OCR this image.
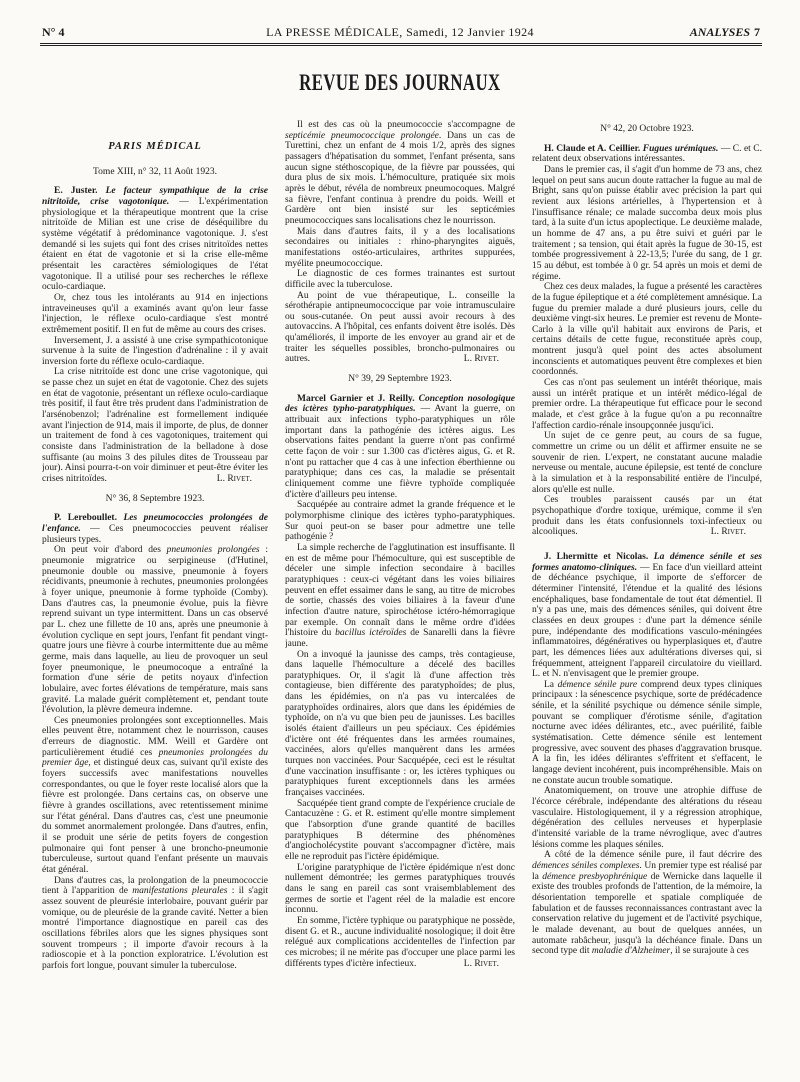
N° 4	LA PRESSE MÉDICALE, Samedi, 12 Janvier 1924	ANALYSES 7
REVUE DES JOURNAUX

PARIS MÉDICAL

Tome XIII, n° 32, 11 Août 1923.

E. Juster. Le facteur sympathique de la crise nitritoïde, crise vagotonique. — L'expérimentation physiologique et la thérapeutique montrent que la crise nitritoïde de Milian est une crise de déséquilibre du système végétatif à prédominance vagotonique. J. s'est demandé si les sujets qui font des crises nitritoïdes nettes étaient en état de vagotonie et si la crise elle-même présentait les caractères sémiologiques de l'état vagotonique. Il a utilisé pour ses recherches le réflexe oculo-cardiaque.

Or, chez tous les intolérants au 914 en injections intraveineuses qu'il a examinés avant qu'on leur fasse l'injection, le réflexe oculo-cardiaque s'est montré extrêmement positif. Il en fut de même au cours des crises.

Inversement, J. a assisté à une crise sympathicotonique survenue à la suite de l'ingestion d'adrénaline : il y avait inversion forte du réflexe oculo-cardiaque.

La crise nitritoïde est donc une crise vagotonique, qui se passe chez un sujet en état de vagotonie. Chez des sujets en état de vagotonie, présentant un réflexe oculo-cardiaque très positif, il faut être très prudent dans l'administration de l'arsénobenzol; l'adrénaline est formellement indiquée avant l'injection de 914, mais il importe, de plus, de donner un traitement de fond à ces vagotoniques, traitement qui consiste dans l'administration de la belladone à dose suffisante (au moins 3 des pilules dites de Trousseau par jour). Ainsi pourra-t-on voir diminuer et peut-être éviter les crises nitritoïdes.	L. Rivet.

N° 36, 8 Septembre 1923.

P. Lereboullet. Les pneumococcies prolongées de l'enfance. — Ces pneumococcies peuvent réaliser plusieurs types.

On peut voir d'abord des pneumonies prolongées : pneumonie migratrice ou serpigineuse (d'Hutinel, pneumonie double ou massive, pneumonie à foyers récidivants, pneumonie à rechutes, pneumonies prolongées à foyer unique, pneumonie à forme typhoïde (Comby). Dans d'autres cas, la pneumonie évolue, puis la fièvre reprend suivant un type intermittent. Dans un cas observé par L. chez une fillette de 10 ans, après une pneumonie à évolution cyclique en sept jours, l'enfant fit pendant vingt-quatre jours une fièvre à courbe intermittente due au même germe, mais dans laquelle, au lieu de provoquer un seul foyer pneumonique, le pneumocoque a entraîné la formation d'une série de petits noyaux d'infection lobulaire, avec fortes élévations de température, mais sans gravité. La malade guérit complètement et, pendant toute l'évolution, la plèvre demeura indemne.

Ces pneumonies prolongées sont exceptionnelles. Mais elles peuvent être, notamment chez le nourrisson, causes d'erreurs de diagnostic. MM. Weill et Gardère ont particulièrement étudié ces pneumonies prolongées du premier âge, et distingué deux cas, suivant qu'il existe des foyers successifs avec manifestations nouvelles correspondantes, ou que le foyer reste localisé alors que la fièvre est prolongée. Dans certains cas, on observe une fièvre à grandes oscillations, avec retentissement minime sur l'état général. Dans d'autres cas, c'est une pneumonie du sommet anormalement prolongée. Dans d'autres, enfin, il se produit une série de petits foyers de congestion pulmonaire qui font penser à une broncho-pneumonie tuberculeuse, surtout quand l'enfant présente un mauvais état général.

Dans d'autres cas, la prolongation de la pneumococcie tient à l'apparition de manifestations pleurales : il s'agit assez souvent de pleurésie interlobaire, pouvant guérir par vomique, ou de pleurésie de la grande cavité. Netter a bien montré l'importance diagnostique en pareil cas des oscillations fébriles alors que les signes physiques sont souvent trompeurs ; il importe d'avoir recours à la radioscopie et à la ponction exploratrice. L'évolution est parfois fort longue, pouvant simuler la tuberculose.

Il est des cas où la pneumococcie s'accompagne de septicémie pneumococcique prolongée. Dans un cas de Turettini, chez un enfant de 4 mois 1/2, après des signes passagers d'hépatisation du sommet, l'enfant présenta, sans aucun signe stéthoscopique, de la fièvre par poussées, qui dura plus de six mois. L'hémoculture, pratiquée six mois après le début, révéla de nombreux pneumocoques. Malgré sa fièvre, l'enfant continua à prendre du poids. Weill et Gardère ont bien insisté sur les septicémies pneumococciques sans localisations chez le nourrisson.

Mais dans d'autres faits, il y a des localisations secondaires ou initiales : rhino-pharyngites aiguës, manifestations ostéo-articulaires, arthrites suppurées, myélite pneumococcique.

Le diagnostic de ces formes trainantes est surtout difficile avec la tuberculose.

Au point de vue thérapeutique, L. conseille la sérothérapie antipneumococcique par voie intramusculaire ou sous-cutanée. On peut aussi avoir recours à des autovaccins. A l'hôpital, ces enfants doivent être isolés. Dès qu'améliorés, il importe de les envoyer au grand air et de traiter les séquelles possibles, broncho-pulmonaires ou autres.	L. Rivet.

N° 39, 29 Septembre 1923.

Marcel Garnier et J. Reilly. Conception nosologique des ictères typho-paratyphiques. — Avant la guerre, on attribuait aux infections typho-paratyphiques un rôle important dans la pathogénie des ictères aigus. Les observations faites pendant la guerre n'ont pas confirmé cette façon de voir : sur 1.300 cas d'ictères aigus, G. et R. n'ont pu rattacher que 4 cas à une infection éberthienne ou paratyphique; dans ces cas, la maladie se présentait cliniquement comme une fièvre typhoïde compliquée d'ictère d'ailleurs peu intense.

Sacquépée au contraire admet la grande fréquence et le polymorphisme clinique des ictères typho-paratyphiques. Sur quoi peut-on se baser pour admettre une telle pathogénie ?

La simple recherche de l'agglutination est insuffisante. Il en est de même pour l'hémoculture, qui est susceptible de déceler une simple infection secondaire à bacilles paratyphiques : ceux-ci végétant dans les voies biliaires peuvent en effet essaimer dans le sang, au titre de microbes de sortie, chassés des voies biliaires à la faveur d'une infection d'autre nature, spirochétose ictéro-hémorragique par exemple. On connaît dans le même ordre d'idées l'histoire du bacillus ictéroïdes de Sanarelli dans la fièvre jaune.

On a invoqué la jaunisse des camps, très contagieuse, dans laquelle l'hémoculture a décelé des bacilles paratyphiques. Or, il s'agit là d'une affection très contagieuse, bien différente des paratyphoïdes; de plus, dans les épidémies, on n'a pas vu intercalées de paratyphoïdes ordinaires, alors que dans les épidémies de typhoïde, on n'a vu que bien peu de jaunisses. Les bacilles isolés étaient d'ailleurs un peu spéciaux. Ces épidémies d'ictère ont été fréquentes dans les armées roumaines, vaccinées, alors qu'elles manquèrent dans les armées turques non vaccinées. Pour Sacquépée, ceci est le résultat d'une vaccination insuffisante : or, les ictères typhiques ou paratyphiques furent exceptionnels dans les armées françaises vaccinées.

Sacquépée tient grand compte de l'expérience cruciale de Cantacuzène : G. et R. estiment qu'elle montre simplement que l'absorption d'une grande quantité de bacilles paratyphiques B détermine des phénomènes d'angiocholécystite pouvant s'accompagner d'ictère, mais elle ne reproduit pas l'ictère épidémique.

L'origine paratyphique de l'ictère épidémique n'est donc nullement démontrée; les germes paratyphiques trouvés dans le sang en pareil cas sont vraisemblablement des germes de sortie et l'agent réel de la maladie est encore inconnu.

En somme, l'ictère typhique ou paratyphique ne possède, disent G. et R., aucune individualité nosologique; il doit être relégué aux complications accidentelles de l'infection par ces microbes; il ne mérite pas d'occuper une place parmi les différents types d'ictère infectieux.	L. Rivet.

N° 42, 20 Octobre 1923.

H. Claude et A. Ceillier. Fugues urémiques. — C. et C. relatent deux observations intéressantes.

Dans le premier cas, il s'agit d'un homme de 73 ans, chez lequel on peut sans aucun doute rattacher la fugue au mal de Bright, sans qu'on puisse établir avec précision la part qui revient aux lésions artérielles, à l'hypertension et à l'insuffisance rénale; ce malade succomba deux mois plus tard, à la suite d'un ictus apoplectique. Le deuxième malade, un homme de 47 ans, a pu être suivi et guéri par le traitement ; sa tension, qui était après la fugue de 30-15, est tombée progressivement à 22-13,5; l'urée du sang, de 1 gr. 15 au début, est tombée à 0 gr. 54 après un mois et demi de régime.

Chez ces deux malades, la fugue a présenté les caractères de la fugue épileptique et a été complètement amnésique. La fugue du premier malade a duré plusieurs jours, celle du deuxième vingt-six heures. Le premier est revenu de Monte-Carlo à la ville qu'il habitait aux environs de Paris, et certains détails de cette fugue, reconstituée après coup, montrent jusqu'à quel point des actes absolument inconscients et automatiques peuvent être complexes et bien coordonnés.

Ces cas n'ont pas seulement un intérêt théorique, mais aussi un intérêt pratique et un intérêt médico-légal de premier ordre. La thérapeutique fut efficace pour le second malade, et c'est grâce à la fugue qu'on a pu reconnaître l'affection cardio-rénale insoupçonnée jusqu'ici.

Un sujet de ce genre peut, au cours de sa fugue, commettre un crime ou un délit et affirmer ensuite ne se souvenir de rien. L'expert, ne constatant aucune maladie nerveuse ou mentale, aucune épilepsie, est tenté de conclure à la simulation et à la responsabilité entière de l'inculpé, alors qu'elle est nulle.

Ces troubles paraissent causés par un état psychopathique d'ordre toxique, urémique, comme il s'en produit dans les états confusionnels toxi-infectieux ou alcooliques.	L. Rivet.

J. Lhermitte et Nicolas. La démence sénile et ses formes anatomo-cliniques. — En face d'un vieillard atteint de déchéance psychique, il importe de s'efforcer de déterminer l'intensité, l'étendue et la qualité des lésions encéphaliques, base fondamentale de tout état démentiel. Il n'y a pas une, mais des démences séniles, qui doivent être classées en deux groupes : d'une part la démence sénile pure, indépendante des modifications vasculo-méningées inflammatoires, dégénératives ou hyperplasiques et, d'autre part, les démences liées aux adultérations diverses qui, si fréquemment, atteignent l'appareil circulatoire du vieillard. L. et N. n'envisagent que le premier groupe.

La démence sénile pure comprend deux types cliniques principaux : la sénescence psychique, sorte de prédécadence sénile, et la sénilité psychique ou démence sénile simple, pouvant se compliquer d'érotisme sénile, d'agitation nocturne avec idées délirantes, etc., avec puérilité, faible systématisation. Cette démence sénile est lentement progressive, avec souvent des phases d'aggravation brusque. A la fin, les idées délirantes s'effritent et s'effacent, le langage devient incohérent, puis incompréhensible. Mais on ne constate aucun trouble somatique.

Anatomiquement, on trouve une atrophie diffuse de l'écorce cérébrale, indépendante des altérations du réseau vasculaire. Histologiquement, il y a régression atrophique, dégénération des cellules nerveuses et hyperplasie d'intensité variable de la trame névroglique, avec d'autres lésions comme les plaques séniles.

A côté de la démence sénile pure, il faut décrire des démences séniles complexes. Un premier type est réalisé par la démence presbyophrénique de Wernicke dans laquelle il existe des troubles profonds de l'attention, de la mémoire, la désorientation temporelle et spatiale compliquée de fabulation et de fausses reconnaissances contrastant avec la conservation relative du jugement et de l'activité psychique, le malade devenant, au bout de quelques années, un automate rabâcheur, jusqu'à la déchéance finale. Dans un second type dit maladie d'Alzheimer, il se surajoute à ces
